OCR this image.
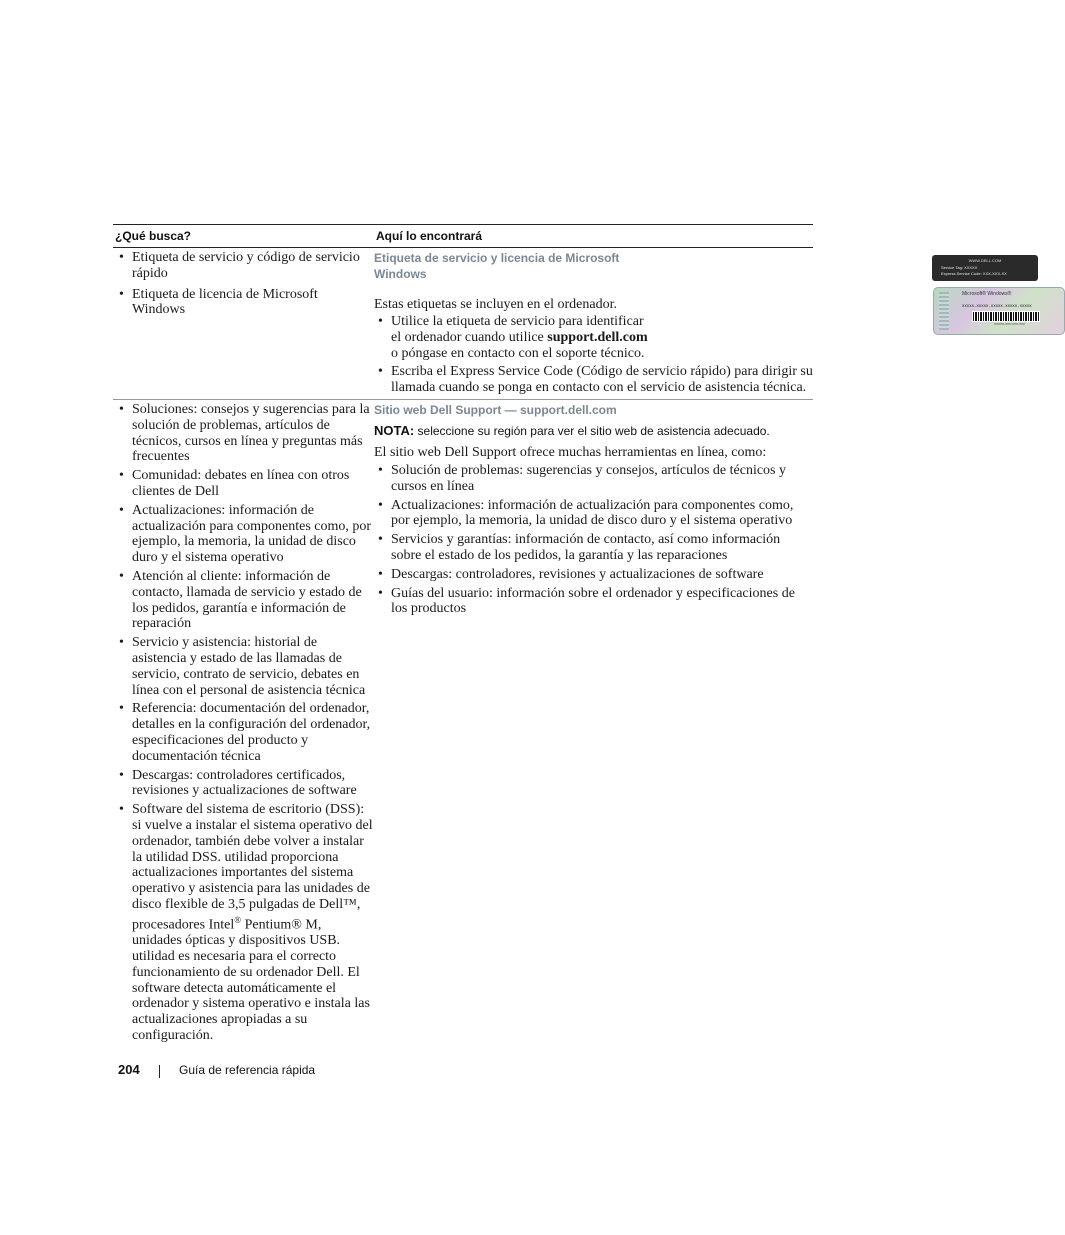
¿Qué busca?	Aquí lo encontrará
• Etiqueta de servicio y código de servicio rápido
• Etiqueta de licencia de Microsoft Windows
Etiqueta de servicio y licencia de Microsoft Windows

Estas etiquetas se incluyen en el ordenador.

• Utilice la etiqueta de servicio para identificar el ordenador cuando utilice support.dell.com o póngase en contacto con el soporte técnico.
• Escriba el Express Service Code (Código de servicio rápido) para dirigir su llamada cuando se ponga en contacto con el servicio de asistencia técnica.
WWW.DELL.COM
Service Tag: XXXXX
Express Service Code: XXX-XXX-XX
Microsoft® Windows®
XXXXX-XXXXX-XXXXX-XXXXX-XXXXX
XXXXX-XXX-XXX-XXX
• Soluciones: consejos y sugerencias para la solución de problemas, artículos de técnicos, cursos en línea y preguntas más frecuentes
• Comunidad: debates en línea con otros clientes de Dell
• Actualizaciones: información de actualización para componentes como, por ejemplo, la memoria, la unidad de disco duro y el sistema operativo
• Atención al cliente: información de contacto, llamada de servicio y estado de los pedidos, garantía e información de reparación
• Servicio y asistencia: historial de asistencia y estado de las llamadas de servicio, contrato de servicio, debates en línea con el personal de asistencia técnica
• Referencia: documentación del ordenador, detalles en la configuración del ordenador, especificaciones del producto y documentación técnica
• Descargas: controladores certificados, revisiones y actualizaciones de software
• Software del sistema de escritorio (DSS): si vuelve a instalar el sistema operativo del ordenador, también debe volver a instalar la utilidad DSS. utilidad proporciona actualizaciones importantes del sistema operativo y asistencia para las unidades de disco flexible de 3,5 pulgadas de Dell™, procesadores Intel® Pentium® M, unidades ópticas y dispositivos USB. utilidad es necesaria para el correcto funcionamiento de su ordenador Dell. El software detecta automáticamente el ordenador y sistema operativo e instala las actualizaciones apropiadas a su configuración.
Sitio web Dell Support — support.dell.com
NOTA: seleccione su región para ver el sitio web de asistencia adecuado.

El sitio web Dell Support ofrece muchas herramientas en línea, como:

• Solución de problemas: sugerencias y consejos, artículos de técnicos y cursos en línea
• Actualizaciones: información de actualización para componentes como, por ejemplo, la memoria, la unidad de disco duro y el sistema operativo
• Servicios y garantías: información de contacto, así como información sobre el estado de los pedidos, la garantía y las reparaciones
• Descargas: controladores, revisiones y actualizaciones de software
• Guías del usuario: información sobre el ordenador y especificaciones de los productos
204	Guía de referencia rápida
